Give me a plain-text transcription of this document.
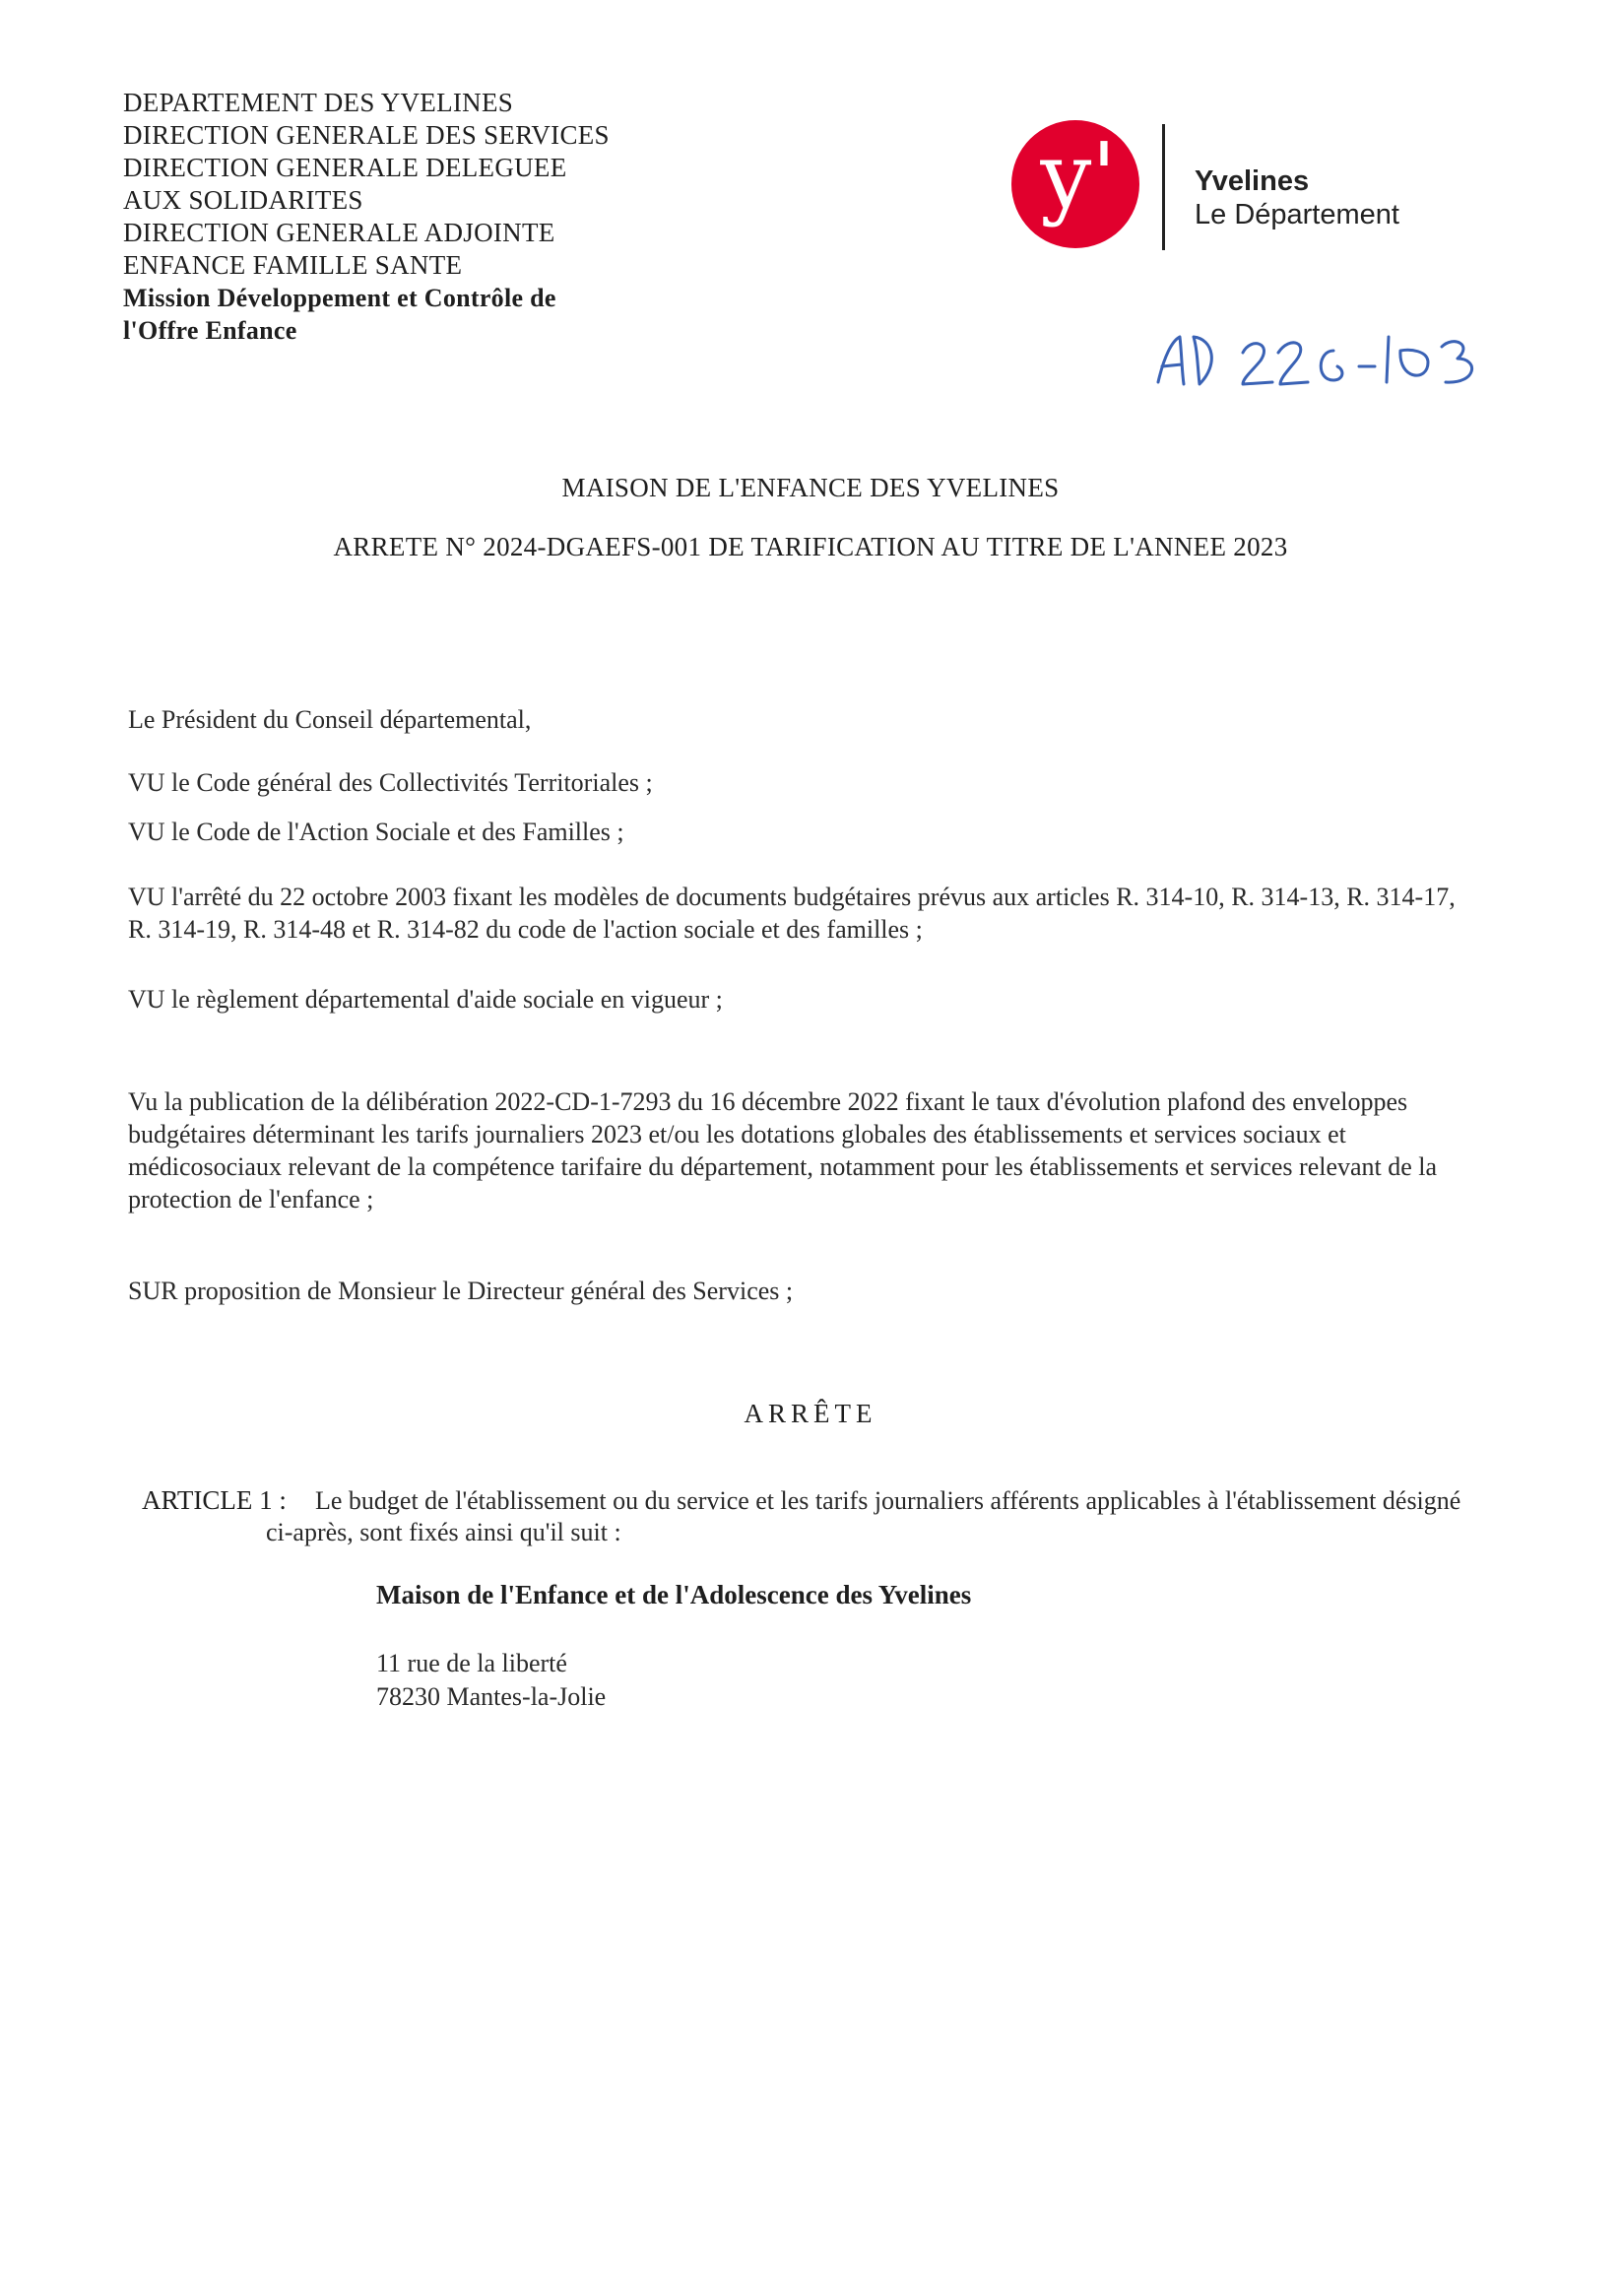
DEPARTEMENT DES YVELINES

DIRECTION GENERALE DES SERVICES

DIRECTION GENERALE DELEGUEE

AUX SOLIDARITES

DIRECTION GENERALE ADJOINTE

ENFANCE FAMILLE SANTE

Mission Développement et Contrôle de

l'Offre Enfance

y'	Yvelines
Le Département
MAISON DE L'ENFANCE DES YVELINES
ARRETE N° 2024-DGAEFS-001 DE TARIFICATION AU TITRE DE L'ANNEE 2023

Le Président du Conseil départemental,

VU le Code général des Collectivités Territoriales ;

VU le Code de l'Action Sociale et des Familles ;

VU l'arrêté du 22 octobre 2003 fixant les modèles de documents budgétaires prévus aux articles R. 314-10, R. 314-13, R. 314-17, R. 314-19, R. 314-48 et R. 314-82 du code de l'action sociale et des familles ;

VU le règlement départemental d'aide sociale en vigueur ;

Vu la publication de la délibération 2022-CD-1-7293 du 16 décembre 2022 fixant le taux d'évolution plafond des enveloppes budgétaires déterminant les tarifs journaliers 2023 et/ou les dotations globales des établissements et services sociaux et médicosociaux relevant de la compétence tarifaire du département, notamment pour les établissements et services relevant de la protection de l'enfance ;

SUR proposition de Monsieur le Directeur général des Services ;

ARRÊTE
ARTICLE 1 :	Le budget de l'établissement ou du service et les tarifs journaliers afférents applicables à l'établissement désigné ci-après, sont fixés ainsi qu'il suit :

Maison de l'Enfance et de l'Adolescence des Yvelines
11 rue de la liberté
78230 Mantes-la-Jolie
